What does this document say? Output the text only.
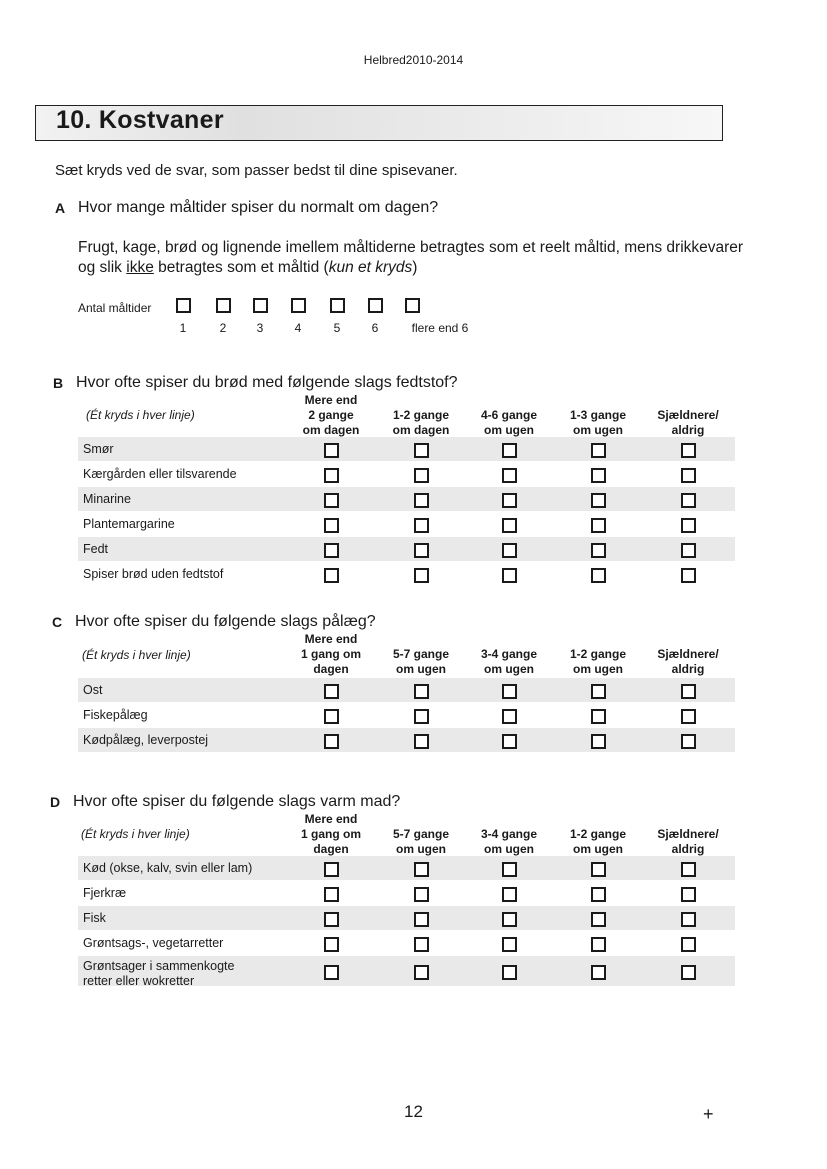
Helbred2010-2014
10. Kostvaner
Sæt kryds ved de svar, som passer bedst til dine spisevaner.
A Hvor mange måltider spiser du normalt om dagen?
Frugt, kage, brød og lignende imellem måltiderne betragtes som et reelt måltid, mens drikkevarer og slik ikke betragtes som et måltid (kun et kryds)
Antal måltider
1	2	3	4	5	6	flere end 6
B Hvor ofte spiser du brød med følgende slags fedtstof?
(Ét kryds i hver linje)
Mere end
2 gange
om dagen

1-2 gange
om dagen

4-6 gange
om ugen

1-3 gange
om ugen

Sjældnere/
aldrig
Smør
Kærgården eller tilsvarende
Minarine
Plantemargarine
Fedt
Spiser brød uden fedtstof
C Hvor ofte spiser du følgende slags pålæg?
(Ét kryds i hver linje)
Mere end
1 gang om
dagen

5-7 gange
om ugen

3-4 gange
om ugen

1-2 gange
om ugen

Sjældnere/
aldrig
Ost
Fiskepålæg
Kødpålæg, leverpostej
D Hvor ofte spiser du følgende slags varm mad?
(Ét kryds i hver linje)
Mere end
1 gang om
dagen

5-7 gange
om ugen

3-4 gange
om ugen

1-2 gange
om ugen

Sjældnere/
aldrig
Kød (okse, kalv, svin eller lam)
Fjerkræ
Fisk
Grøntsags-, vegetarretter
Grøntsager i sammenkogte
retter eller wokretter
12	+
